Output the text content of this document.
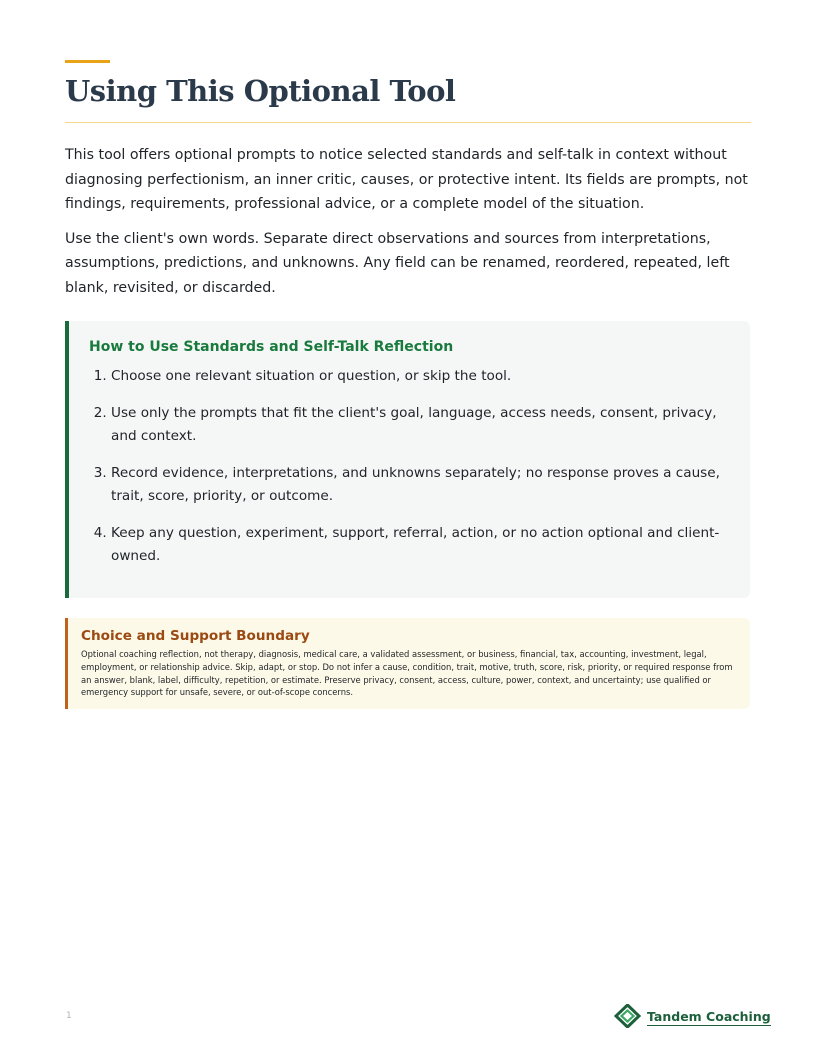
Using This Optional Tool

This tool offers optional prompts to notice selected standards and self-talk in context without diagnosing perfectionism, an inner critic, causes, or protective intent. Its fields are prompts, not findings, requirements, professional advice, or a complete model of the situation.

Use the client's own words. Separate direct observations and sources from interpretations, assumptions, predictions, and unknowns. Any field can be renamed, reordered, repeated, left blank, revisited, or discarded.

How to Use Standards and Self-Talk Reflection
1. Choose one relevant situation or question, or skip the tool.
2. Use only the prompts that fit the client's goal, language, access needs, consent, privacy, and context.
3. Record evidence, interpretations, and unknowns separately; no response proves a cause, trait, score, priority, or outcome.
4. Keep any question, experiment, support, referral, action, or no action optional and client-owned.
Choice and Support Boundary

Optional coaching reflection, not therapy, diagnosis, medical care, a validated assessment, or business, financial, tax, accounting, investment, legal, employment, or relationship advice. Skip, adapt, or stop. Do not infer a cause, condition, trait, motive, truth, score, risk, priority, or required response from an answer, blank, label, difficulty, repetition, or estimate. Preserve privacy, consent, access, culture, power, context, and uncertainty; use qualified or emergency support for unsafe, severe, or out-of-scope concerns.

1	Tandem Coaching
